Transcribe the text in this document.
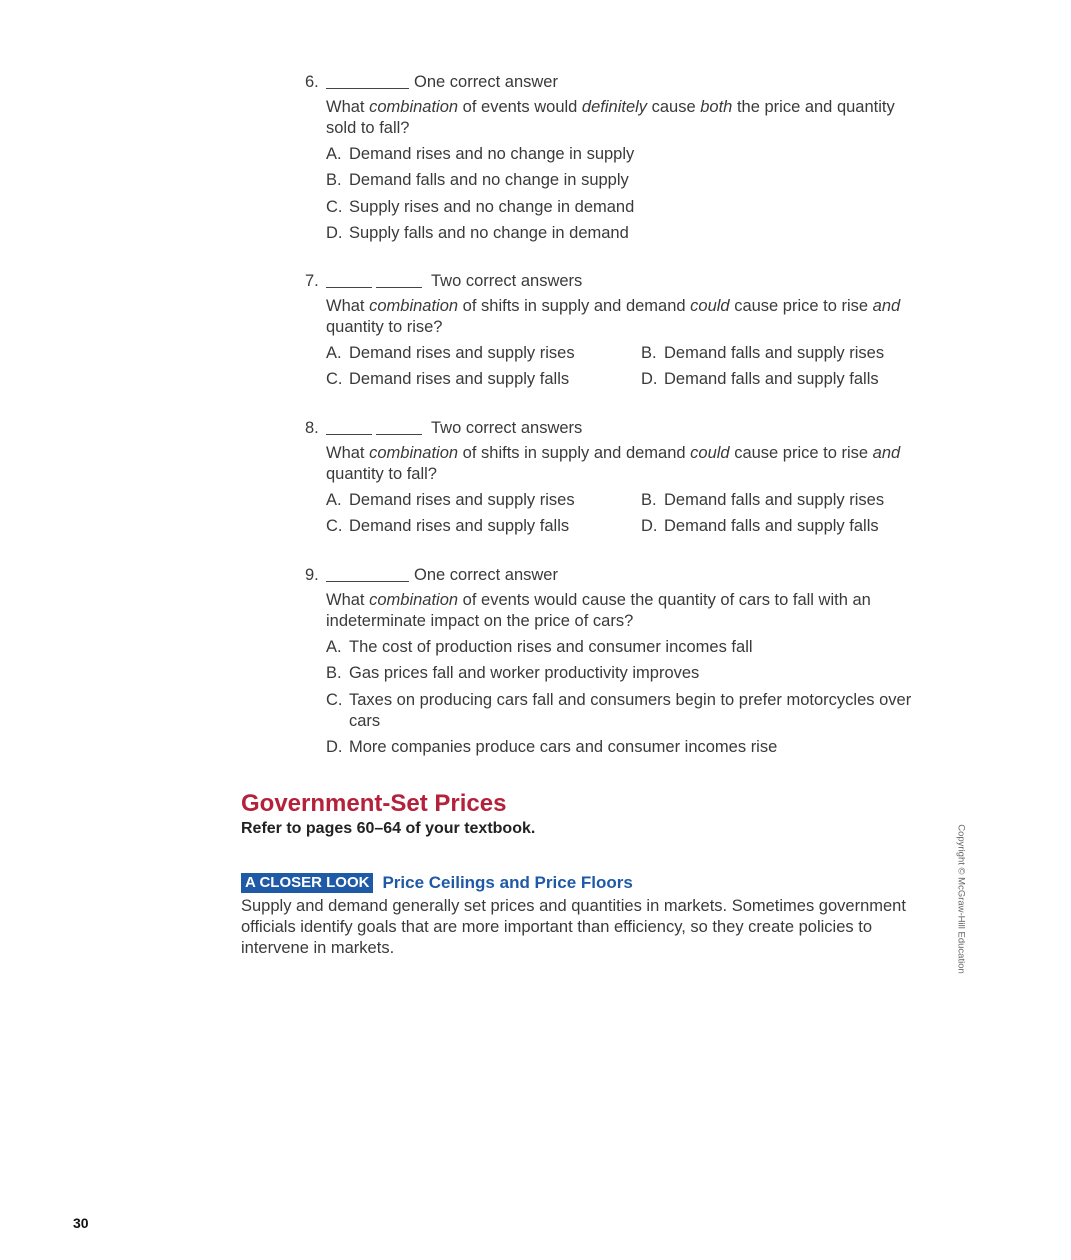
6.	One correct answer
What combination of events would definitely cause both the price and quantity sold to fall?
A. Demand rises and no change in supply
B. Demand falls and no change in supply
C. Supply rises and no change in demand
D. Supply falls and no change in demand
7.	Two correct answers
What combination of shifts in supply and demand could cause price to rise and quantity to rise?
A. Demand rises and supply rises	B. Demand falls and supply rises
C. Demand rises and supply falls	D. Demand falls and supply falls
8.	Two correct answers
What combination of shifts in supply and demand could cause price to rise and quantity to fall?
A. Demand rises and supply rises	B. Demand falls and supply rises
C. Demand rises and supply falls	D. Demand falls and supply falls
9.	One correct answer
What combination of events would cause the quantity of cars to fall with an indeterminate impact on the price of cars?
A. The cost of production rises and consumer incomes fall
B. Gas prices fall and worker productivity improves
C. Taxes on producing cars fall and consumers begin to prefer motorcycles over cars
D. More companies produce cars and consumer incomes rise
Government-Set Prices
Refer to pages 60–64 of your textbook.
A CLOSER LOOK Price Ceilings and Price Floors
Supply and demand generally set prices and quantities in markets. Sometimes government officials identify goals that are more important than efficiency, so they create policies to intervene in markets.	Copyright © McGraw-Hill Education
30
